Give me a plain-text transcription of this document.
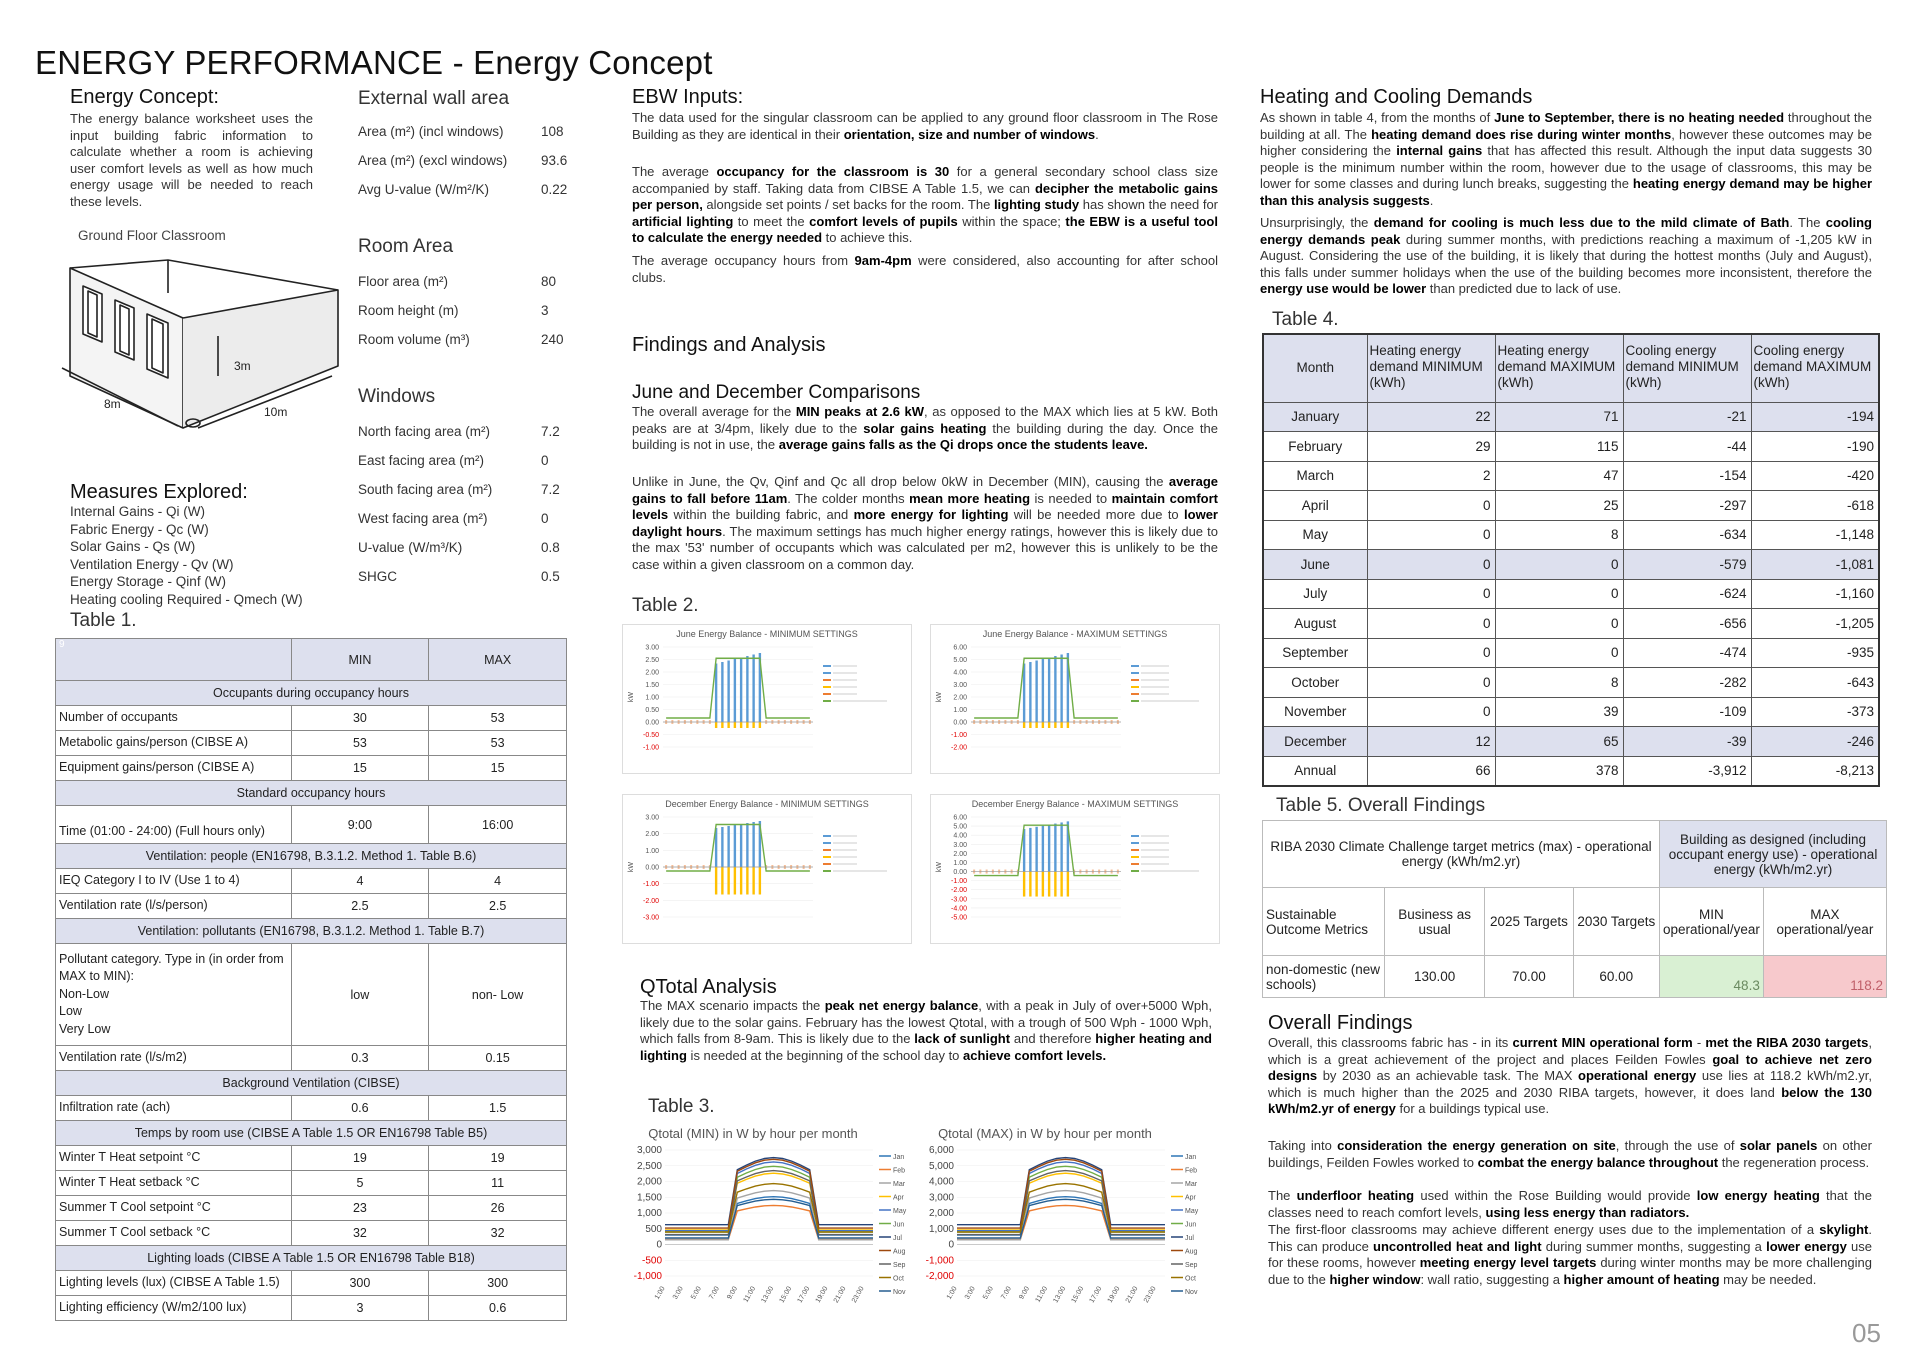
ENERGY PERFORMANCE - Energy Concept
Energy Concept:
The energy balance worksheet uses the input building fabric information to calculate whether a room is achieving user comfort levels as well as how much energy usage will be needed to reach these levels.
Ground Floor Classroom
3m
8m
10m
External wall area
Area (m²) (incl windows)	108
Area (m²) (excl windows)	93.6
Avg U-value (W/m²/K)	0.22
Room Area
Floor area (m²)	80
Room height (m)	3
Room volume (m³)	240
Windows
North facing area (m²)	7.2
East facing area (m²)	0
South facing area (m²)	7.2
West facing area (m²)	0
U-value (W/m³/K)	0.8
SHGC	0.5
Measures Explored:
Internal Gains - Qi (W)
Fabric Energy - Qc (W)
Solar Gains - Qs (W)
Ventilation Energy - Qv (W)
Energy Storage - Qinf (W)
Heating cooling Required - Qmech (W)
Table 1.
9	MIN	MAX
Occupants during occupancy hours		
Number of occupants	30	53
Metabolic gains/person (CIBSE A)	53	53
Equipment gains/person (CIBSE A)	15	15
Standard occupancy hours		
Time (01:00 - 24:00) (Full hours only)	9:00	16:00
Ventilation: people (EN16798, B.3.1.2. Method 1. Table B.6)		
IEQ Category I to IV (Use 1 to 4)	4	4
Ventilation rate (l/s/person)	2.5	2.5
Ventilation: pollutants (EN16798, B.3.1.2. Method 1. Table B.7)		
Pollutant category. Type in (in order from MAX to MIN):
Non-Low
Low
Very Low	low	non- Low
Ventilation rate (l/s/m2)	0.3	0.15
Background Ventilation (CIBSE)		
Infiltration rate (ach)	0.6	1.5
Temps by room use (CIBSE A Table 1.5 OR EN16798 Table B5)		
Winter T Heat setpoint °C	19	19
Winter T Heat setback °C	5	11
Summer T Cool setpoint °C	23	26
Summer T Cool setback °C	32	32
Lighting loads (CIBSE A Table 1.5 OR EN16798 Table B18)		
Lighting levels (lux) (CIBSE A Table 1.5)	300	300
Lighting efficiency (W/m2/100 lux)	3	0.6
EBW Inputs:
The data used for the singular classroom can be applied to any ground floor classroom in The Rose Building as they are identical in their orientation, size and number of windows.
The average occupancy for the classroom is 30 for a general secondary school class size accompanied by staff. Taking data from CIBSE A Table 1.5, we can decipher the metabolic gains per person, alongside set points / set backs for the room. The lighting study has shown the need for artificial lighting to meet the comfort levels of pupils within the space; the EBW is a useful tool to calculate the energy needed to achieve this.
The average occupancy hours from 9am-4pm were considered, also accounting for after school clubs.
Findings and Analysis
June and December Comparisons
The overall average for the MIN peaks at 2.6 kW, as opposed to the MAX which lies at 5 kW. Both peaks are at 3/4pm, likely due to the solar gains heating the building during the day. Once the building is not in use, the average gains falls as the Qi drops once the students leave.
Unlike in June, the Qv, Qinf and Qc all drop below 0kW in December (MIN), causing the average gains to fall before 11am. The colder months mean more heating is needed to maintain comfort levels within the building fabric, and more energy for lighting will be needed more due to lower daylight hours. The maximum settings has much higher energy ratings, however this is likely due to the max '53' number of occupants which was calculated per m2, however this is unlikely to be the case within a given classroom on a common day.
Table 2.
June Energy Balance - MINIMUM SETTINGS
3.00
2.50
2.00
1.50
1.00
0.50
0.00
-0.50
-1.00
kW
June Energy Balance - MAXIMUM SETTINGS
6.00
5.00
4.00
3.00
2.00
1.00
0.00
-1.00
-2.00
kW
December Energy Balance - MINIMUM SETTINGS
3.00
2.00
1.00
0.00
-1.00
-2.00
-3.00
kW
December Energy Balance - MAXIMUM SETTINGS
6.00
5.00
4.00
3.00
2.00
1.00
0.00
-1.00
-2.00
-3.00
-4.00
-5.00
kW
QTotal Analysis
The MAX scenario impacts the peak net energy balance, with a peak in July of over+5000 Wph, likely due to the solar gains. February has the lowest Qtotal, with a trough of 500 Wph - 1000 Wph, which falls from 8-9am. This is likely due to the lack of sunlight and therefore higher heating and lighting is needed at the beginning of the school day to achieve comfort levels.
Table 3.
Qtotal (MIN) in W by hour per month
3,000
2,500
2,000
1,500
1,000
500
0
-500
-1,000
1:00 3:00 5:00 7:00 9:00 11:00 13:00 15:00 17:00 19:00 21:00 23:00
Jan
Feb
Mar
Apr
May
Jun
Jul
Aug
Sep
Oct
Nov
Qtotal (MAX) in W by hour per month
6,000
5,000
4,000
3,000
2,000
1,000
0
-1,000
-2,000
1:00 3:00 5:00 7:00 9:00 11:00 13:00 15:00 17:00 19:00 21:00 23:00
Jan
Feb
Mar
Apr
May
Jun
Jul
Aug
Sep
Oct
Nov
Heating and Cooling Demands
As shown in table 4, from the months of June to September, there is no heating needed throughout the building at all. The heating demand does rise during winter months, however these outcomes may be higher considering the internal gains that has affected this result. Although the input data suggests 30 people is the minimum number within the room, however due to the usage of classrooms, this may be lower for some classes and during lunch breaks, suggesting the heating energy demand may be higher than this analysis suggests.
Unsurprisingly, the demand for cooling is much less due to the mild climate of Bath. The cooling energy demands peak during summer months, with predictions reaching a maximum of -1,205 kW in August. Considering the use of the building, it is likely that during the hottest months (July and August), this falls under summer holidays when the use of the building becomes more inconsistent, therefore the energy use would be lower than predicted due to lack of use.
Table 4.
Month	Heating energy demand MINIMUM (kWh)	Heating energy demand MAXIMUM (kWh)	Cooling energy demand MINIMUM (kWh)	Cooling energy demand MAXIMUM (kWh)
January	22	71	-21	-194
February	29	115	-44	-190
March	2	47	-154	-420
April	0	25	-297	-618
May	0	8	-634	-1,148
June	0	0	-579	-1,081
July	0	0	-624	-1,160
August	0	0	-656	-1,205
September	0	0	-474	-935
October	0	8	-282	-643
November	0	39	-109	-373
December	12	65	-39	-246
Annual	66	378	-3,912	-8,213
Table 5. Overall Findings
RIBA 2030 Climate Challenge target metrics (max) - operational energy (kWh/m2.yr)				Building as designed (including occupant energy use) - operational energy (kWh/m2.yr)	
Sustainable Outcome Metrics	Business as usual	2025 Targets	2030 Targets	MIN operational/year	MAX operational/year
non-domestic (new schools)	130.00	70.00	60.00	48.3	118.2
Overall Findings
Overall, this classrooms fabric has - in its current MIN operational form - met the RIBA 2030 targets, which is a great achievement of the project and places Feilden Fowles goal to achieve net zero designs by 2030 as an achievable task. The MAX operational energy use lies at 118.2 kWh/m2.yr, which is much higher than the 2025 and 2030 RIBA targets, however, it does land below the 130 kWh/m2.yr of energy for a buildings typical use.
Taking into consideration the energy generation on site, through the use of solar panels on other buildings, Feilden Fowles worked to combat the energy balance throughout the regeneration process.
The underfloor heating used within the Rose Building would provide low energy heating that the classes need to reach comfort levels, using less energy than radiators.
The first-floor classrooms may achieve different energy uses due to the implementation of a skylight. This can produce uncontrolled heat and light during summer months, suggesting a lower energy use for these rooms, however meeting energy level targets during winter months may be more challenging due to the higher window: wall ratio, suggesting a higher amount of heating may be needed.
05
